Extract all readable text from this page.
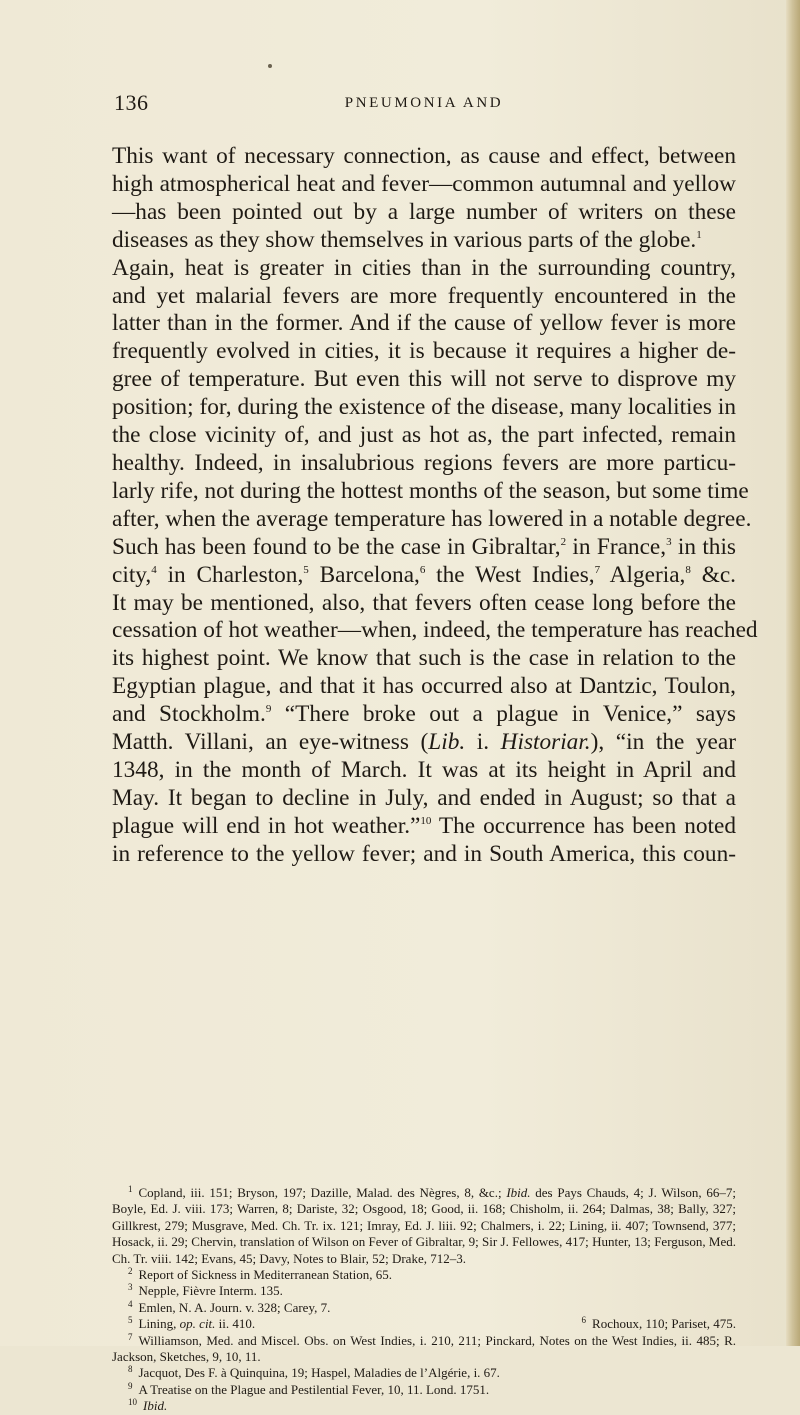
136	PNEUMONIA AND
This want of necessary connection, as cause and effect, between
high atmospherical heat and fever—common autumnal and yellow
—has been pointed out by a large number of writers on these
diseases as they show themselves in various parts of the globe.$^1$
Again, heat is greater in cities than in the surrounding country,
and yet malarial fevers are more frequently encountered in the
latter than in the former. And if the cause of yellow fever is more
frequently evolved in cities, it is because it requires a higher de-
gree of temperature. But even this will not serve to disprove my
position; for, during the existence of the disease, many localities in
the close vicinity of, and just as hot as, the part infected, remain
healthy. Indeed, in insalubrious regions fevers are more particu-
larly rife, not during the hottest months of the season, but some time
after, when the average temperature has lowered in a notable degree.
Such has been found to be the case in Gibraltar,$^2$ in France,$^3$ in this
city,$^4$ in Charleston,$^5$ Barcelona,$^6$ the West Indies,$^7$ Algeria,$^8$ &c.
It may be mentioned, also, that fevers often cease long before the
cessation of hot weather—when, indeed, the temperature has reached
its highest point. We know that such is the case in relation to the
Egyptian plague, and that it has occurred also at Dantzic, Toulon,
and Stockholm.$^9$ “There broke out a plague in Venice,” says
Matth. Villani, an eye-witness (Lib. i. Historiar.), “in the year
1348, in the month of March. It was at its height in April and
May. It began to decline in July, and ended in August; so that a
plague will end in hot weather.”$^{10}$ The occurrence has been noted
in reference to the yellow fever; and in South America, this coun-
$^1$ Copland, iii. 151; Bryson, 197; Dazille, Malad. des Nègres, 8, &c.; Ibid. des Pays Chauds, 4; J. Wilson, 66–7; Boyle, Ed. J. viii. 173; Warren, 8; Dariste, 32; Osgood, 18; Good, ii. 168; Chisholm, ii. 264; Dalmas, 38; Bally, 327; Gillkrest, 279; Musgrave, Med. Ch. Tr. ix. 121; Imray, Ed. J. liii. 92; Chalmers, i. 22; Lining, ii. 407; Townsend, 377; Hosack, ii. 29; Chervin, translation of Wilson on Fever of Gibraltar, 9; Sir J. Fellowes, 417; Hunter, 13; Ferguson, Med. Ch. Tr. viii. 142; Evans, 45; Davy, Notes to Blair, 52; Drake, 712–3.
$^2$ Report of Sickness in Mediterranean Station, 65.
$^3$ Nepple, Fièvre Interm. 135.
$^4$ Emlen, N. A. Journ. v. 328; Carey, 7.
$^5$ Lining, op. cit. ii. 410.	$^6$ Rochoux, 110; Pariset, 475.
$^7$ Williamson, Med. and Miscel. Obs. on West Indies, i. 210, 211; Pinckard, Notes on the West Indies, ii. 485; R. Jackson, Sketches, 9, 10, 11.
$^8$ Jacquot, Des F. à Quinquina, 19; Haspel, Maladies de l’Algérie, i. 67.
$^9$ A Treatise on the Plague and Pestilential Fever, 10, 11. Lond. 1751.
$^{10}$ Ibid.
